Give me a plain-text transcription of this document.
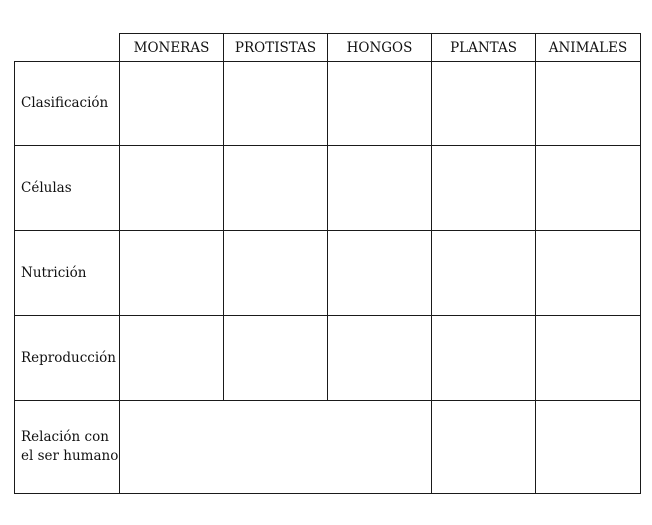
	MONERAS	PROTISTAS	HONGOS	PLANTAS	ANIMALES
Clasificación					
Células					
Nutrición					
Reproducción					
Relación con el ser humano					
